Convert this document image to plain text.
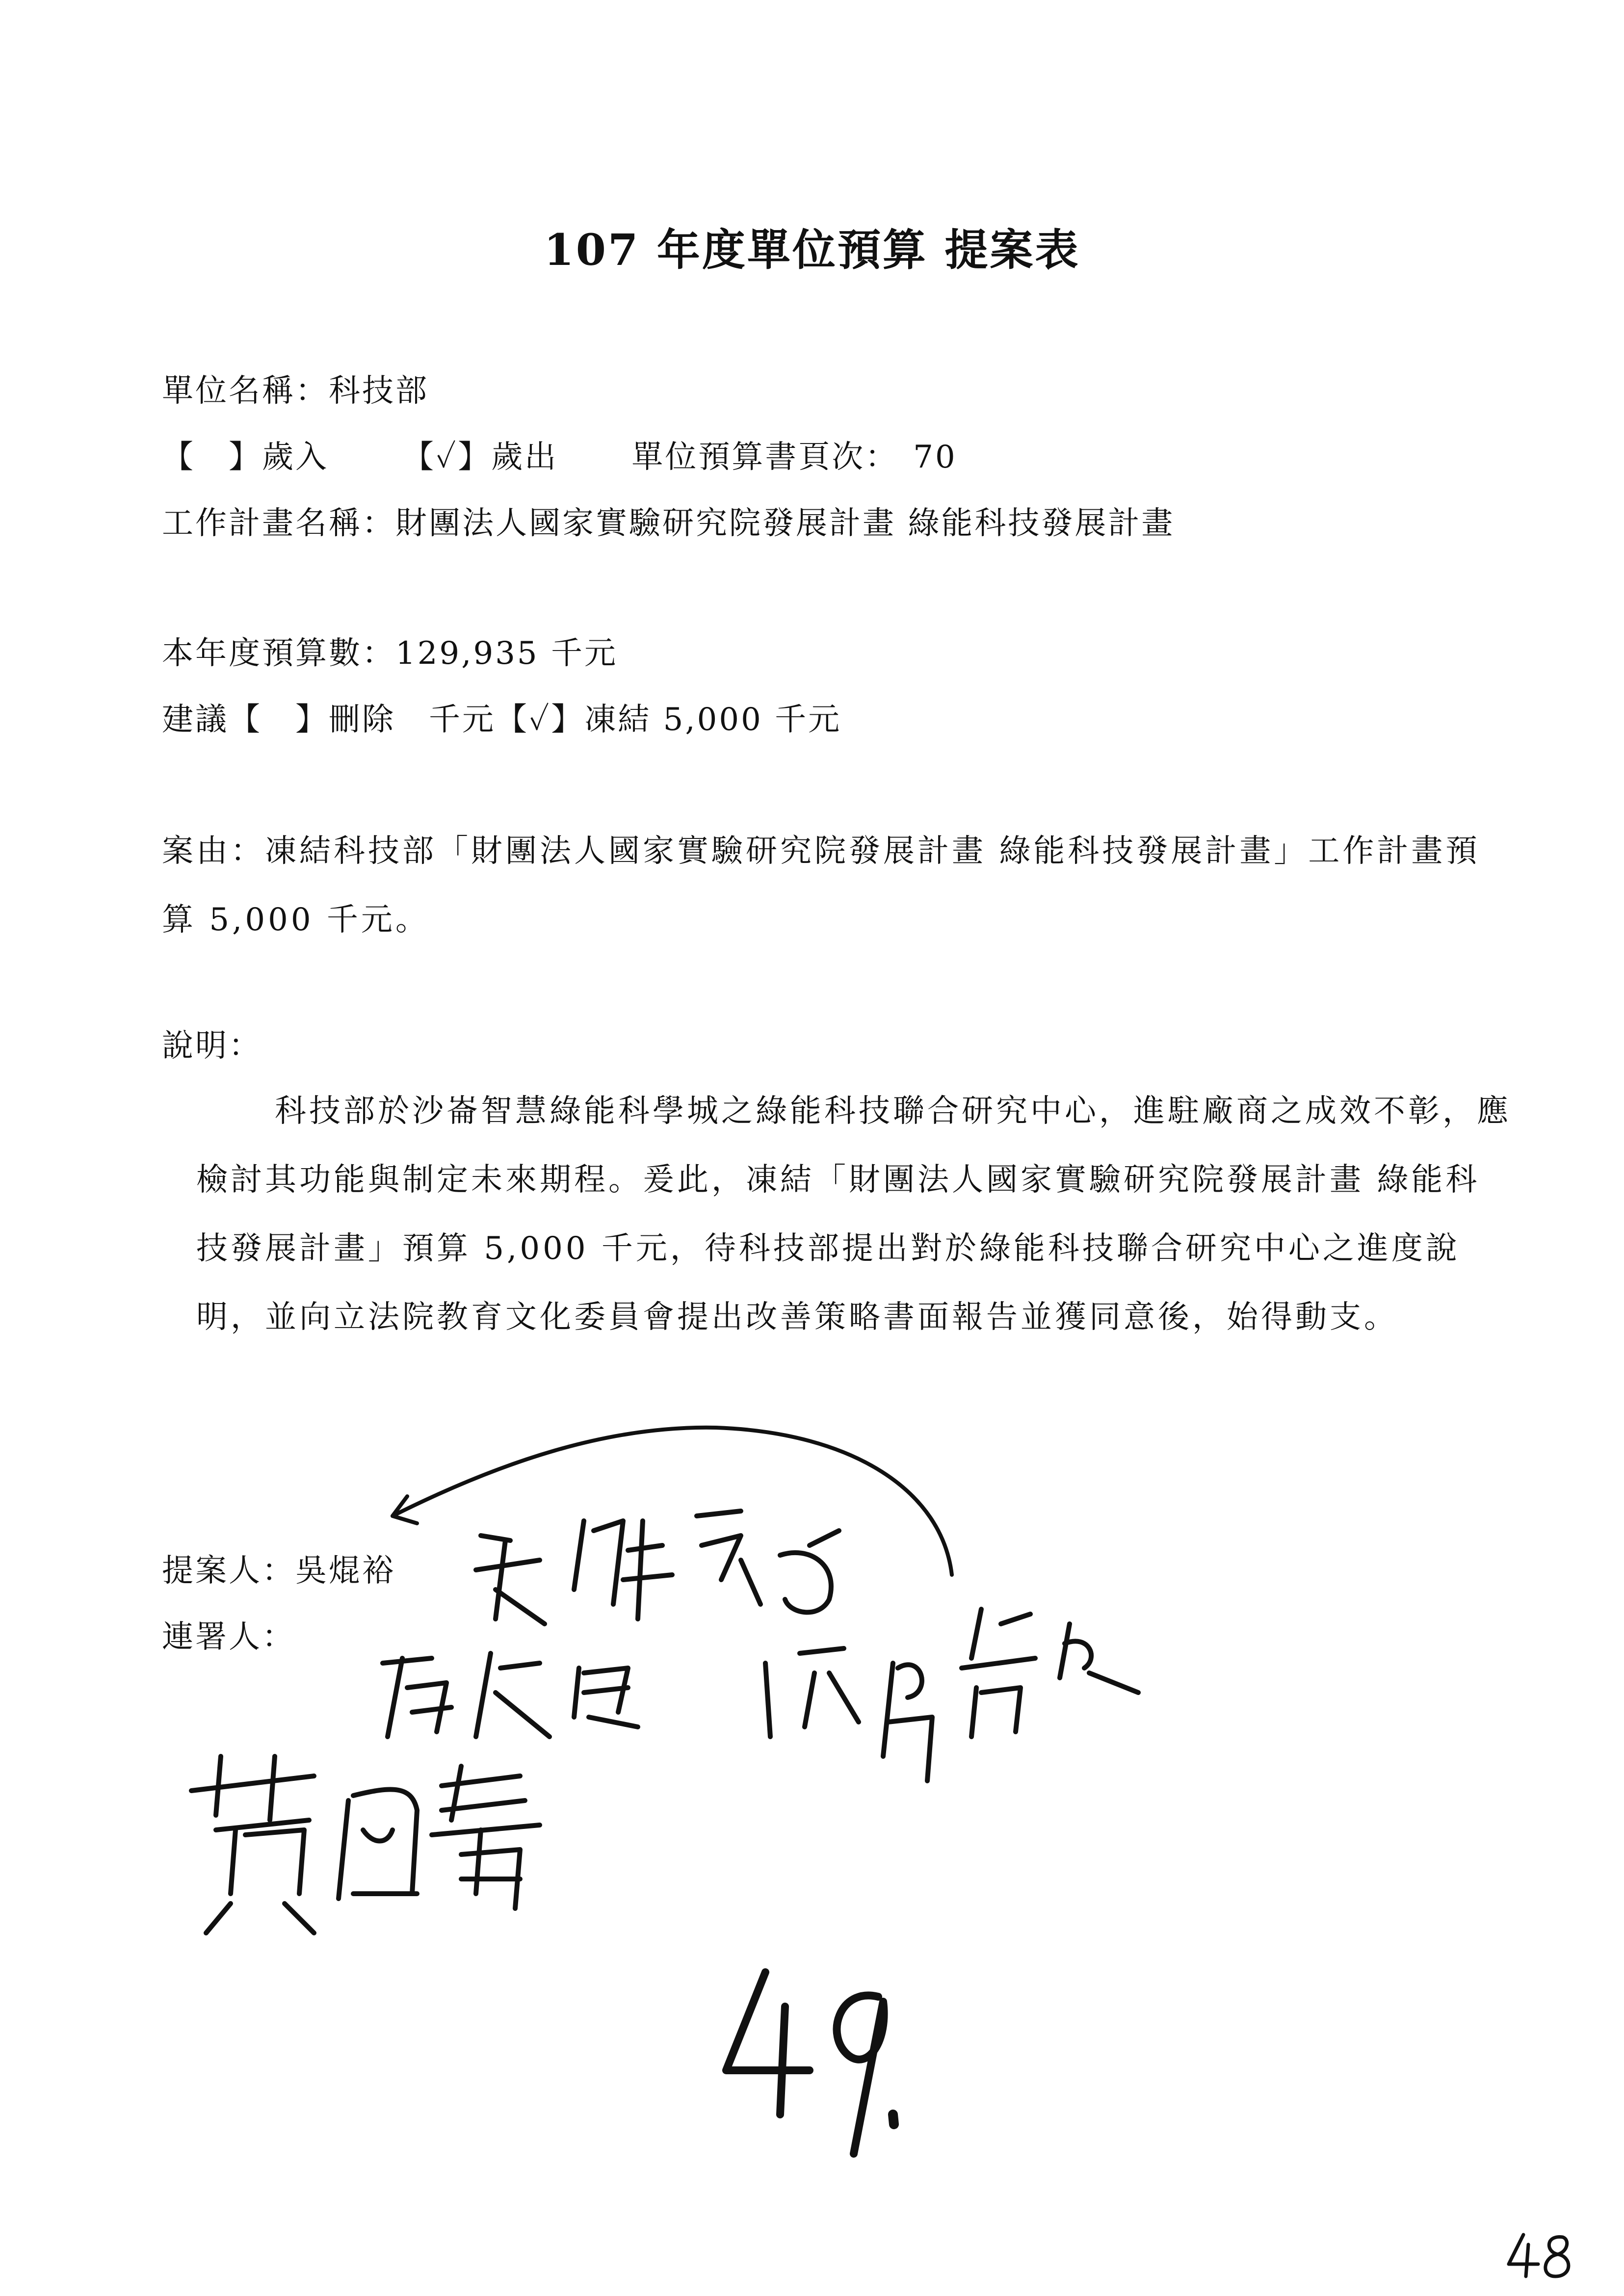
107 年度單位預算 提案表
單位名稱：科技部
【　】 歲入 【✓】 歲出 單位預算書頁次： 70
工作計畫名稱：財團法人國家實驗研究院發展計畫 綠能科技發展計畫
本年度預算數：129,935 千元
建議 【　】 刪除　千元 【✓】 凍結 5,000 千元
案由：凍結科技部「財團法人國家實驗研究院發展計畫 綠能科技發展計畫」工作計畫預算 5,000 千元。
說明：
科技部於沙崙智慧綠能科學城之綠能科技聯合研究中心，進駐廠商之成效不彰，應檢討其功能與制定未來期程。爰此，凍結「財團法人國家實驗研究院發展計畫 綠能科技發展計畫」預算 5,000 千元，待科技部提出對於綠能科技聯合研究中心之進度說明，並向立法院教育文化委員會提出改善策略書面報告並獲同意後，始得動支。
提案人：吳焜裕
連署人：
